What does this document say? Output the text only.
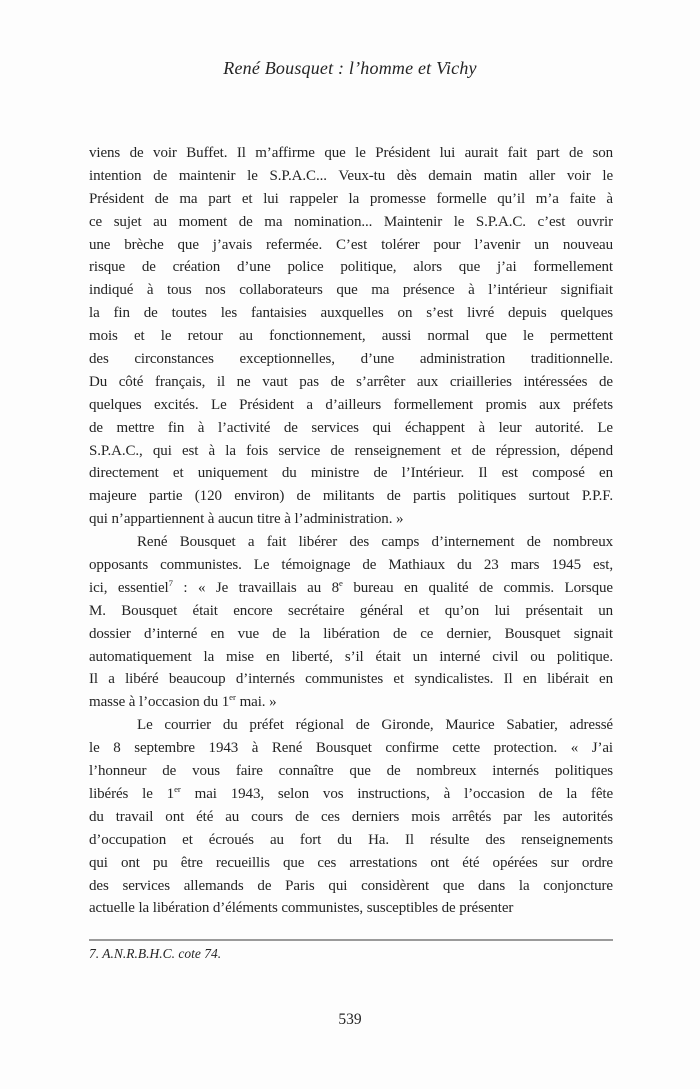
René Bousquet : l’homme et Vichy
viens de voir Buffet. Il m’affirme que le Président lui aurait fait part de son
intention de maintenir le S.P.A.C... Veux-tu dès demain matin aller voir le
Président de ma part et lui rappeler la promesse formelle qu’il m’a faite à
ce sujet au moment de ma nomination... Maintenir le S.P.A.C. c’est ouvrir
une brèche que j’avais refermée. C’est tolérer pour l’avenir un nouveau
risque de création d’une police politique, alors que j’ai formellement
indiqué à tous nos collaborateurs que ma présence à l’intérieur signifiait
la fin de toutes les fantaisies auxquelles on s’est livré depuis quelques
mois et le retour au fonctionnement, aussi normal que le permettent
des circonstances exceptionnelles, d’une administration traditionnelle.
Du côté français, il ne vaut pas de s’arrêter aux criailleries intéressées de
quelques excités. Le Président a d’ailleurs formellement promis aux préfets
de mettre fin à l’activité de services qui échappent à leur autorité. Le
S.P.A.C., qui est à la fois service de renseignement et de répression, dépend
directement et uniquement du ministre de l’Intérieur. Il est composé en
majeure partie (120 environ) de militants de partis politiques surtout P.P.F.
qui n’appartiennent à aucun titre à l’administration. »
René Bousquet a fait libérer des camps d’internement de nombreux
opposants communistes. Le témoignage de Mathiaux du 23 mars 1945 est,
ici, essentiel$^7$ : « Je travaillais au 8e bureau en qualité de commis. Lorsque
M. Bousquet était encore secrétaire général et qu’on lui présentait un
dossier d’interné en vue de la libération de ce dernier, Bousquet signait
automatiquement la mise en liberté, s’il était un interné civil ou politique.
Il a libéré beaucoup d’internés communistes et syndicalistes. Il en libérait en
masse à l’occasion du 1er mai. »
Le courrier du préfet régional de Gironde, Maurice Sabatier, adressé
le 8 septembre 1943 à René Bousquet confirme cette protection. « J’ai
l’honneur de vous faire connaître que de nombreux internés politiques
libérés le 1er mai 1943, selon vos instructions, à l’occasion de la fête
du travail ont été au cours de ces derniers mois arrêtés par les autorités
d’occupation et écroués au fort du Ha. Il résulte des renseignements
qui ont pu être recueillis que ces arrestations ont été opérées sur ordre
des services allemands de Paris qui considèrent que dans la conjoncture
actuelle la libération d’éléments communistes, susceptibles de présenter
7. A.N.R.B.H.C. cote 74.
539
